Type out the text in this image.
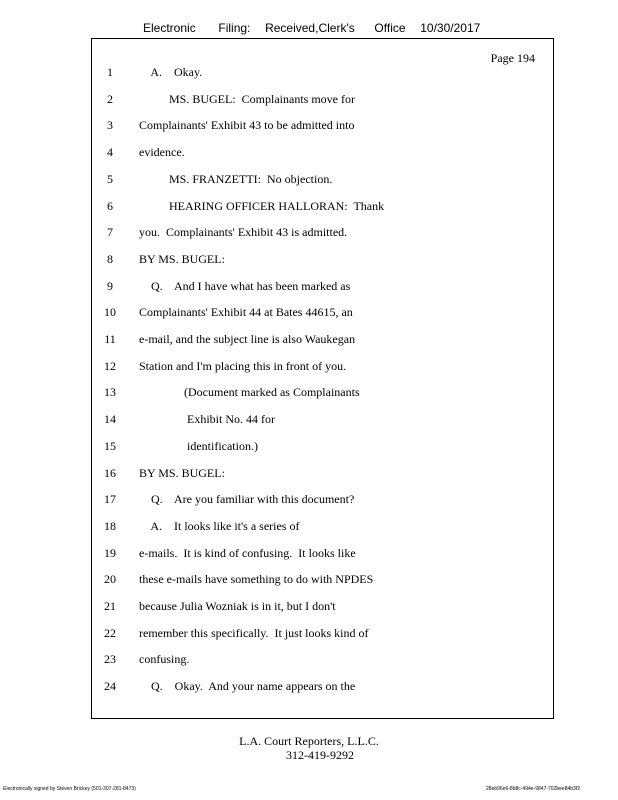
Electronic Filing: Received,Clerk's Office 10/30/2017
Page 194
1	A.    Okay.
2	MS. BUGEL:  Complainants move for
3	Complainants' Exhibit 43 to be admitted into
4	evidence.
5	MS. FRANZETTI:  No objection.
6	HEARING OFFICER HALLORAN:  Thank
7	you.  Complainants' Exhibit 43 is admitted.
8	BY MS. BUGEL:
9	Q.    And I have what has been marked as
10	Complainants' Exhibit 44 at Bates 44615, an
11	e-mail, and the subject line is also Waukegan
12	Station and I'm placing this in front of you.
13	(Document marked as Complainants
14	Exhibit No. 44 for
15	identification.)
16	BY MS. BUGEL:
17	Q.    Are you familiar with this document?
18	A.    It looks like it's a series of
19	e-mails.  It is kind of confusing.  It looks like
20	these e-mails have something to do with NPDES
21	because Julia Wozniak is in it, but I don't
22	remember this specifically.  It just looks kind of
23	confusing.
24	Q.    Okay.  And your name appears on the
L.A. Court Reporters, L.L.C.
312-419-9292
Electronically signed by Steven Brickey (501-307-281-8473)	28eb96e6-8b8c-494e-9847-702bee84b3f2
